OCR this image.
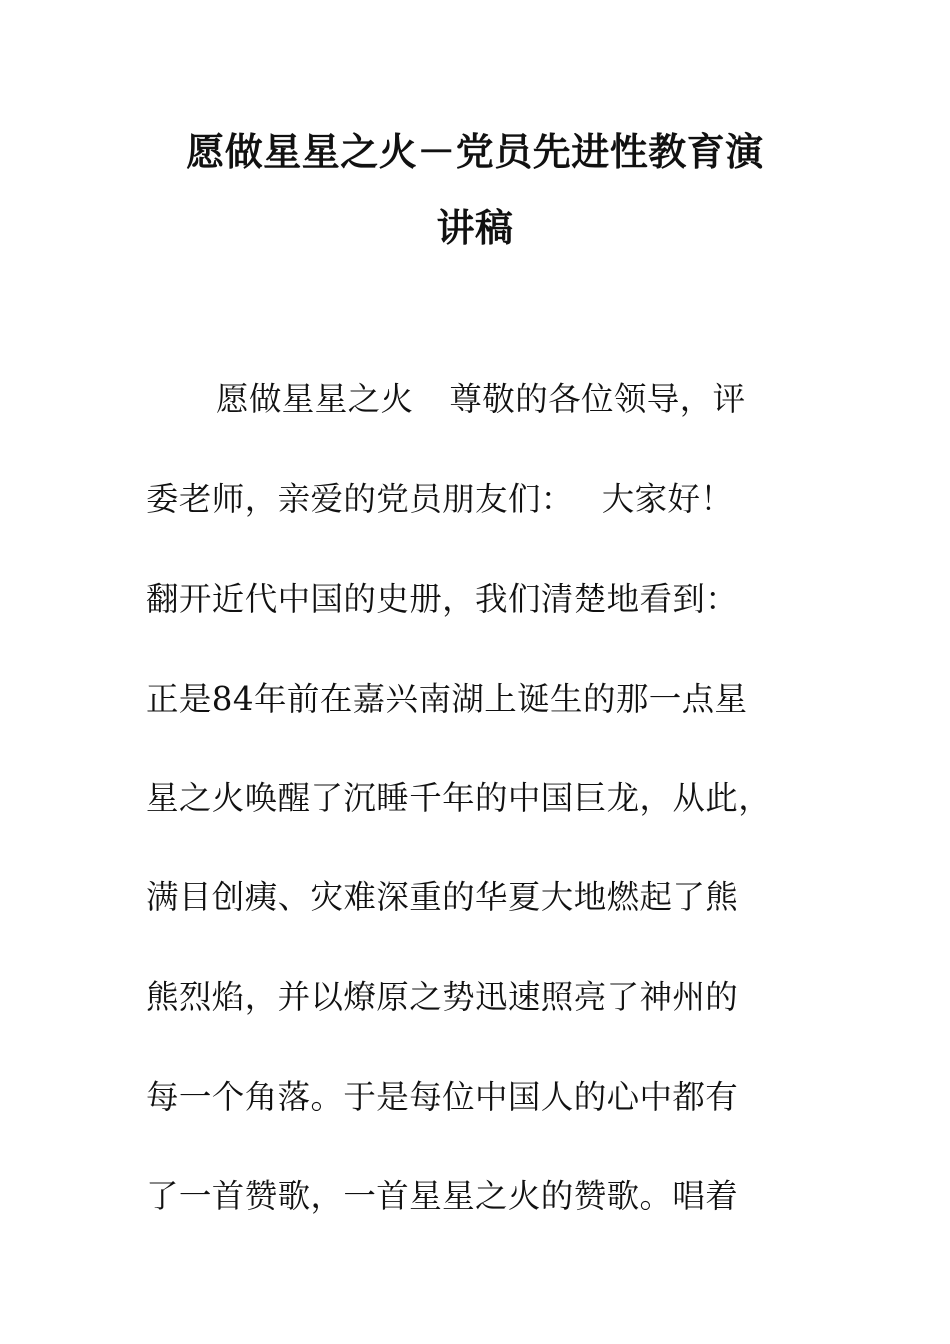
愿做星星之火－党员先进性教育演
讲稿
愿做星星之火 尊敬的各位领导，评
委老师，亲爱的党员朋友们： 大家好！
翻开近代中国的史册，我们清楚地看到：
正是84年前在嘉兴南湖上诞生的那一点星
星之火唤醒了沉睡千年的中国巨龙，从此，
满目创痍、灾难深重的华夏大地燃起了熊
熊烈焰，并以燎原之势迅速照亮了神州的
每一个角落。于是每位中国人的心中都有
了一首赞歌，一首星星之火的赞歌。唱着
